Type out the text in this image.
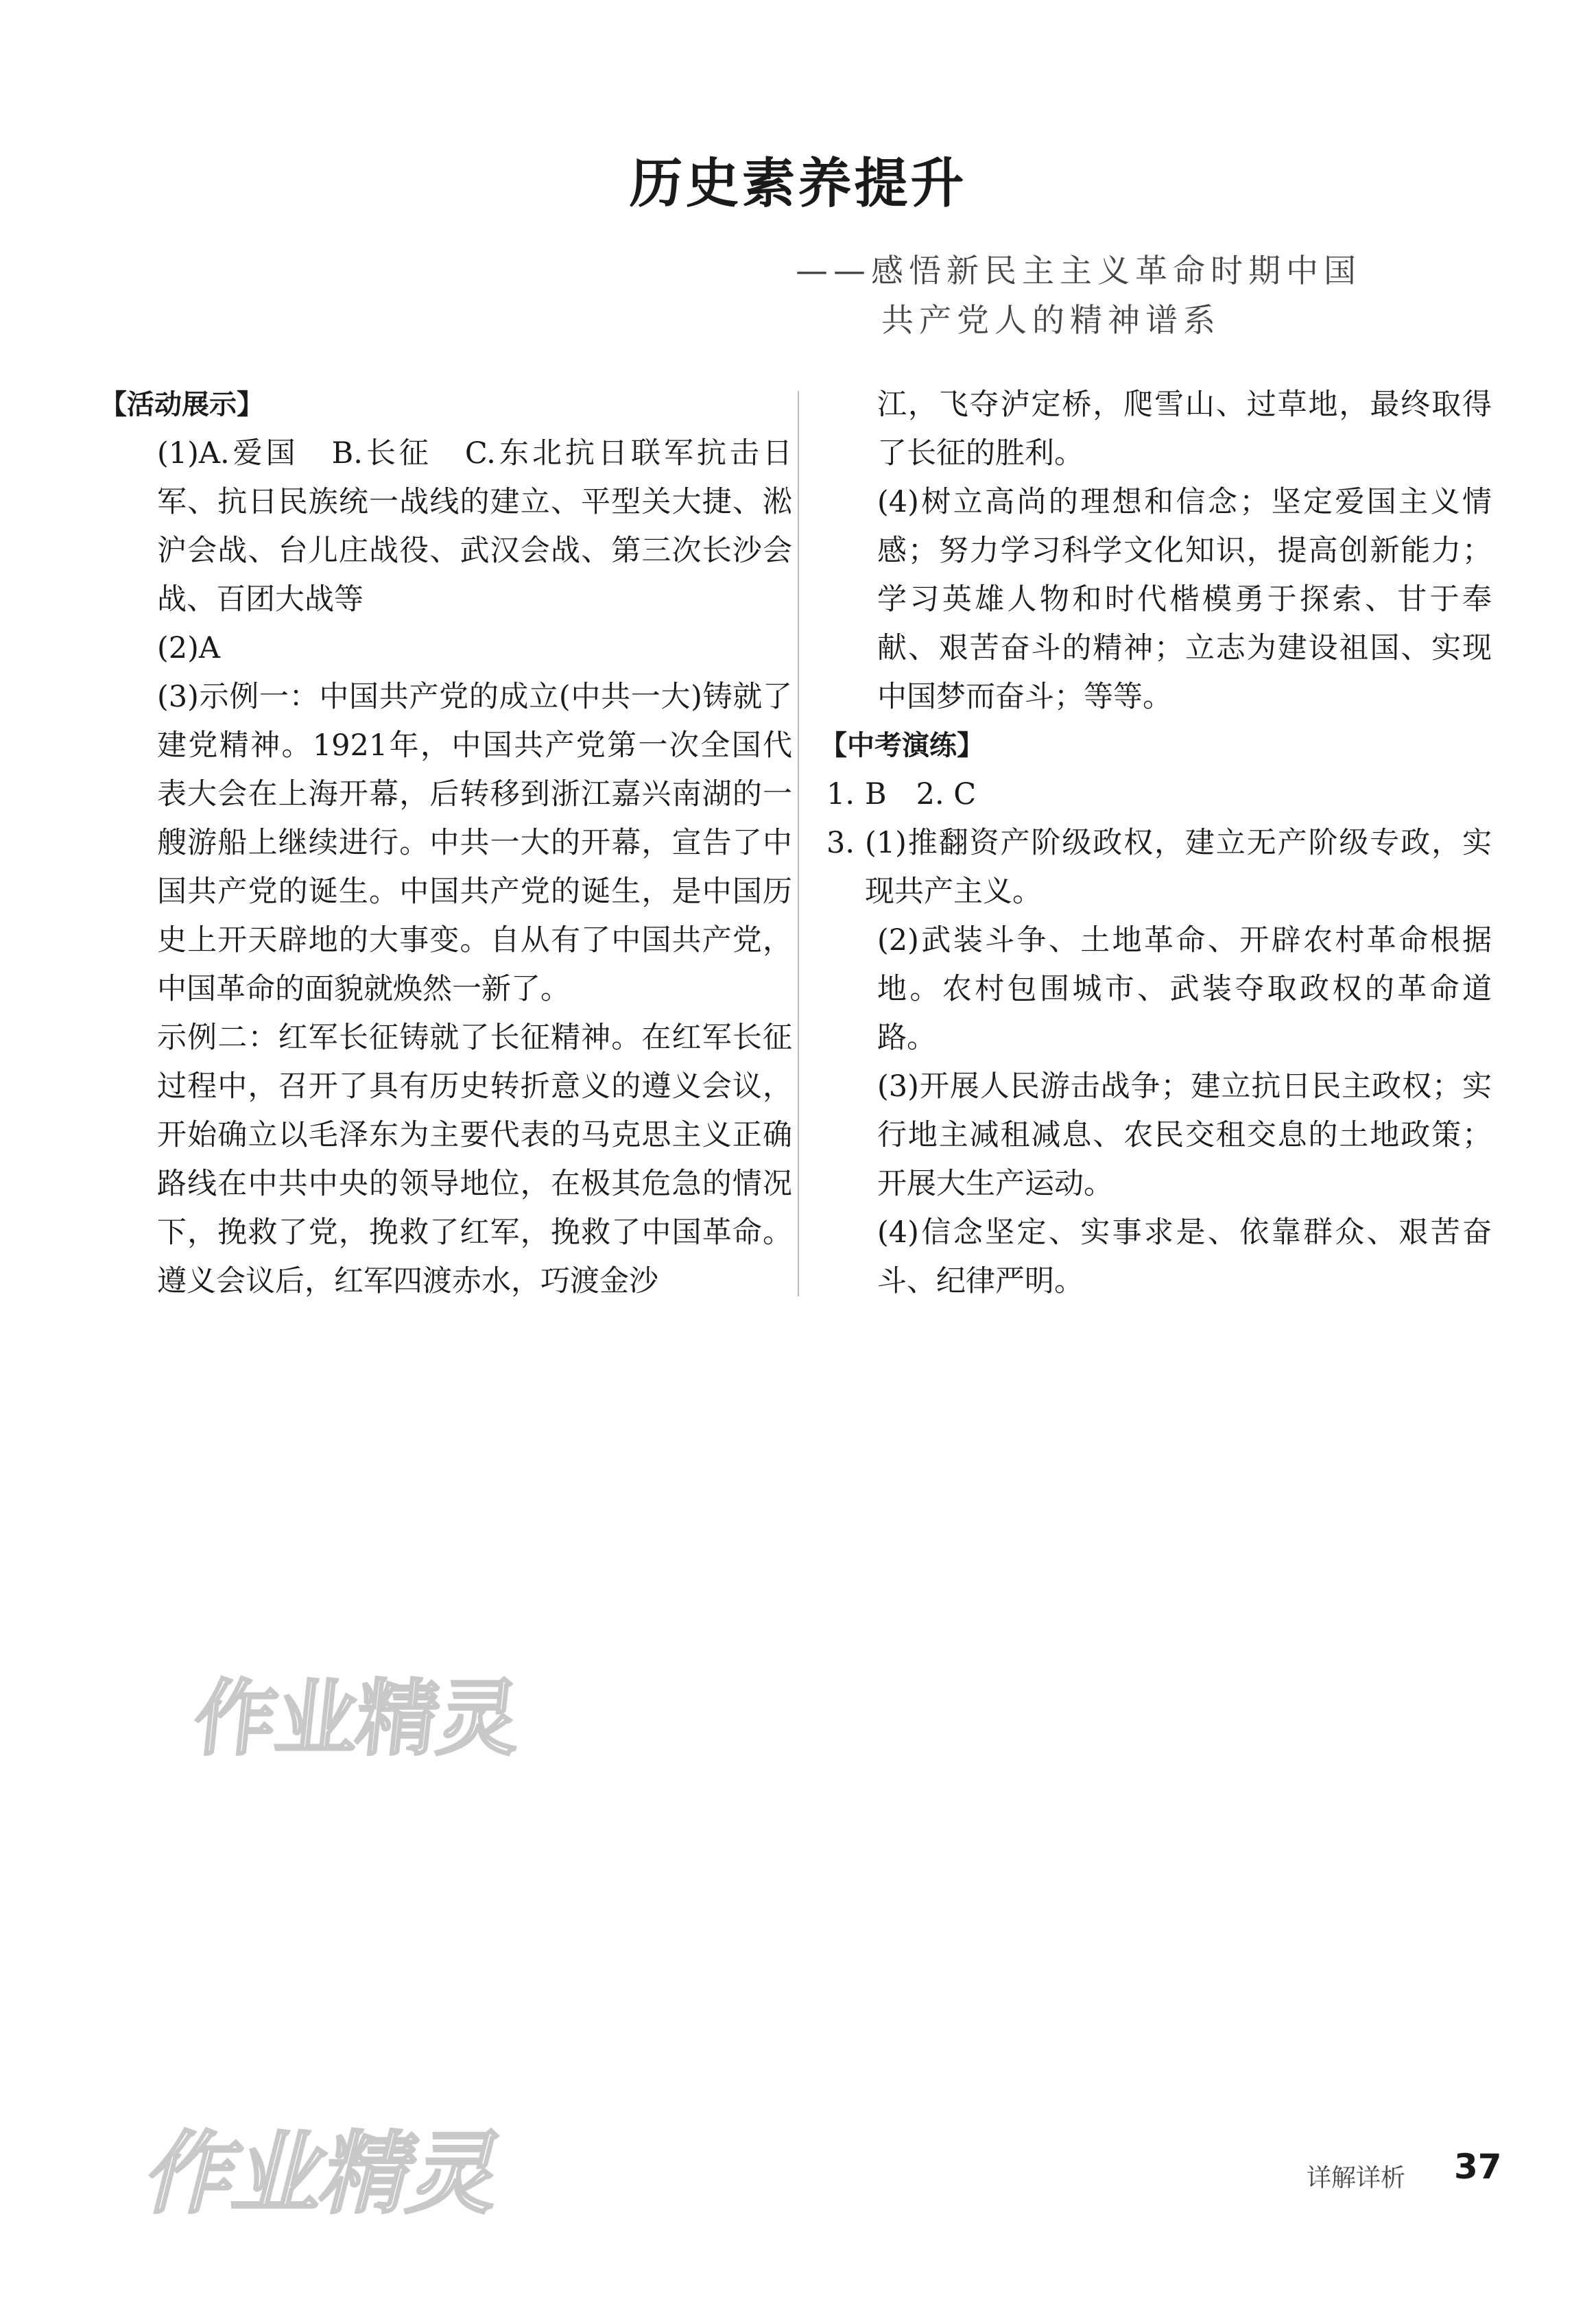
历史素养提升
——感悟新民主主义革命时期中国
共产党人的精神谱系
【活动展示】

(1)A.爱国　B.长征　C.东北抗日联军抗击日军、抗日民族统一战线的建立、平型关大捷、淞沪会战、台儿庄战役、武汉会战、第三次长沙会战、百团大战等

(2)A

(3)示例一：中国共产党的成立(中共一大)铸就了建党精神。1921年，中国共产党第一次全国代表大会在上海开幕，后转移到浙江嘉兴南湖的一艘游船上继续进行。中共一大的开幕，宣告了中国共产党的诞生。中国共产党的诞生，是中国历史上开天辟地的大事变。自从有了中国共产党，中国革命的面貌就焕然一新了。

示例二：红军长征铸就了长征精神。在红军长征过程中，召开了具有历史转折意义的遵义会议，开始确立以毛泽东为主要代表的马克思主义正确路线在中共中央的领导地位，在极其危急的情况下，挽救了党，挽救了红军，挽救了中国革命。遵义会议后，红军四渡赤水，巧渡金沙

江，飞夺泸定桥，爬雪山、过草地，最终取得了长征的胜利。

(4)树立高尚的理想和信念；坚定爱国主义情感；努力学习科学文化知识，提高创新能力；学习英雄人物和时代楷模勇于探索、甘于奉献、艰苦奋斗的精神；立志为建设祖国、实现中国梦而奋斗；等等。

【中考演练】
1. B　2. C
3. (1)推翻资产阶级政权，建立无产阶级专政，实现共产主义。

(2)武装斗争、土地革命、开辟农村革命根据地。农村包围城市、武装夺取政权的革命道路。

(3)开展人民游击战争；建立抗日民主政权；实行地主减租减息、农民交租交息的土地政策；开展大生产运动。

(4)信念坚定、实事求是、依靠群众、艰苦奋斗、纪律严明。

作业精灵
作业精灵	详解详析 37
